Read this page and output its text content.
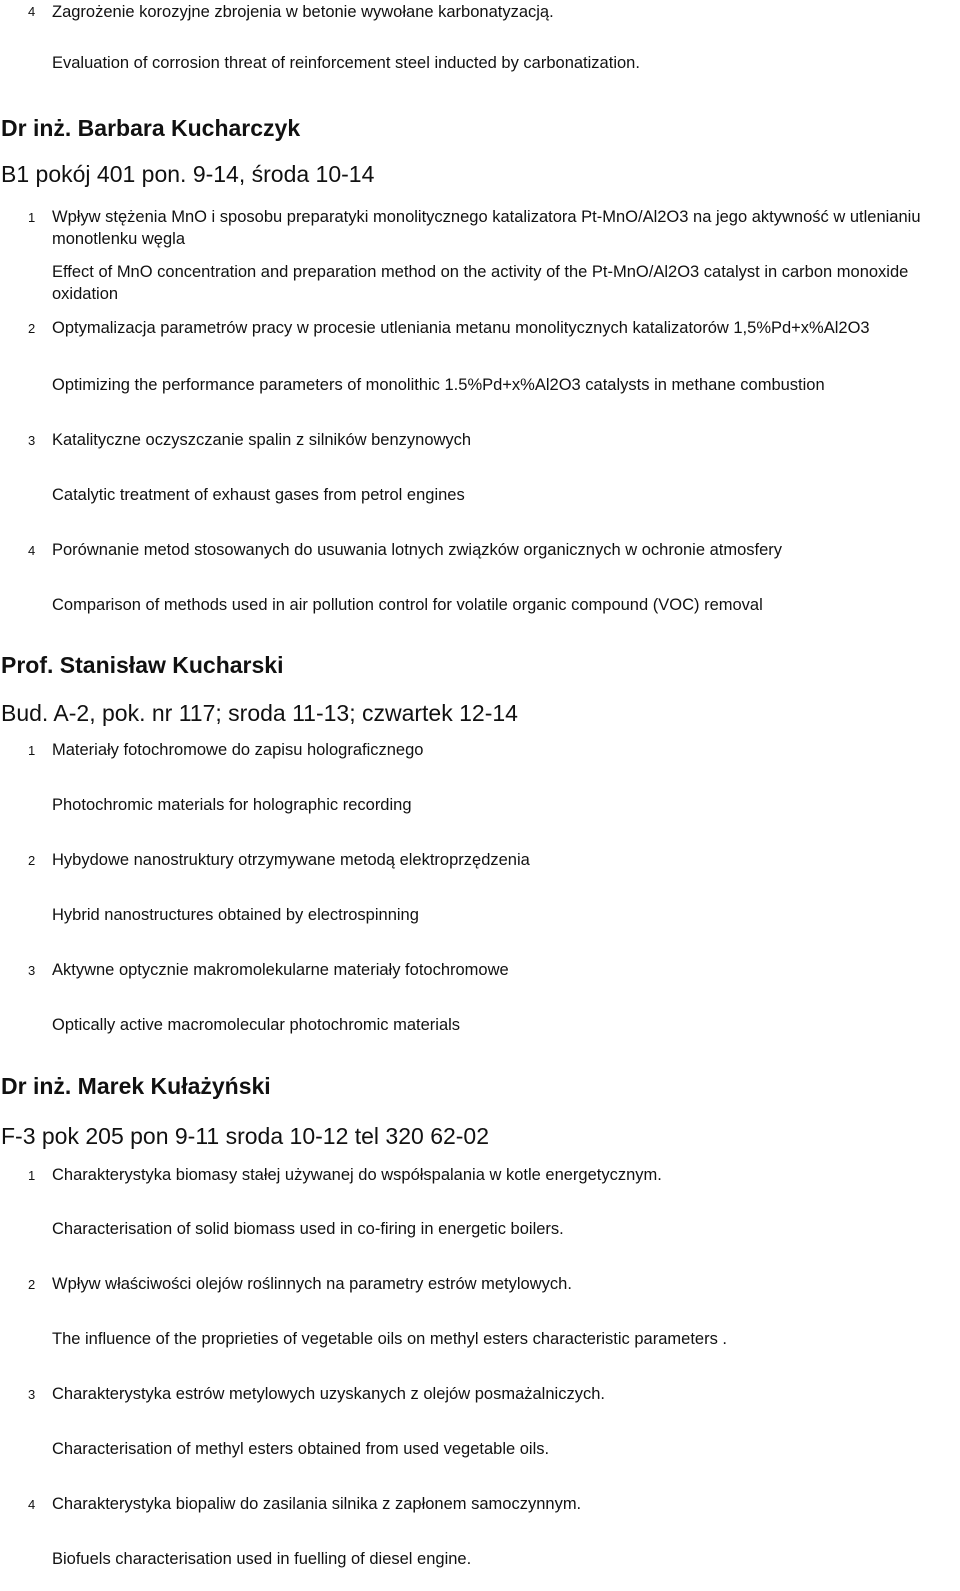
4 Zagrożenie korozyjne zbrojenia w betonie wywołane karbonatyzacją.
Evaluation of corrosion threat of reinforcement steel inducted by carbonatization.
Dr inż. Barbara Kucharczyk
B1 pokój 401 pon. 9-14, środa 10-14
1 Wpływ stężenia MnO i sposobu preparatyki monolitycznego katalizatora Pt-MnO/Al2O3 na jego aktywność w utlenianiu monotlenku węgla
Effect of MnO concentration and preparation method on the activity of the Pt-MnO/Al2O3 catalyst in carbon monoxide oxidation
2 Optymalizacja parametrów pracy w procesie utleniania metanu monolitycznych katalizatorów 1,5%Pd+x%Al2O3
Optimizing the performance parameters of monolithic 1.5%Pd+x%Al2O3 catalysts in methane combustion
3 Katalityczne oczyszczanie spalin z silników benzynowych
Catalytic treatment of exhaust gases from petrol engines
4 Porównanie metod stosowanych do usuwania lotnych związków organicznych w ochronie atmosfery
Comparison of methods used in air pollution control for volatile organic compound (VOC) removal
Prof. Stanisław Kucharski
Bud. A-2, pok. nr 117; sroda 11-13; czwartek 12-14
1 Materiały fotochromowe do zapisu holograficznego
Photochromic materials for holographic recording
2 Hybydowe nanostruktury otrzymywane metodą elektroprzędzenia
Hybrid nanostructures obtained by electrospinning
3 Aktywne optycznie makromolekularne materiały fotochromowe
Optically active macromolecular photochromic materials
Dr inż. Marek Kułażyński
F-3 pok 205 pon 9-11 sroda 10-12 tel 320 62-02
1 Charakterystyka biomasy stałej używanej do współspalania w kotle energetycznym.
Characterisation of solid biomass used in co-firing in energetic boilers.
2 Wpływ właściwości olejów roślinnych na parametry estrów metylowych.
The influence of the proprieties of vegetable oils on methyl esters characteristic parameters .
3 Charakterystyka estrów metylowych uzyskanych z olejów posmażalniczych.
Characterisation of methyl esters obtained from used vegetable oils.
4 Charakterystyka biopaliw do zasilania silnika z zapłonem samoczynnym.
Biofuels characterisation used in fuelling of diesel engine.
